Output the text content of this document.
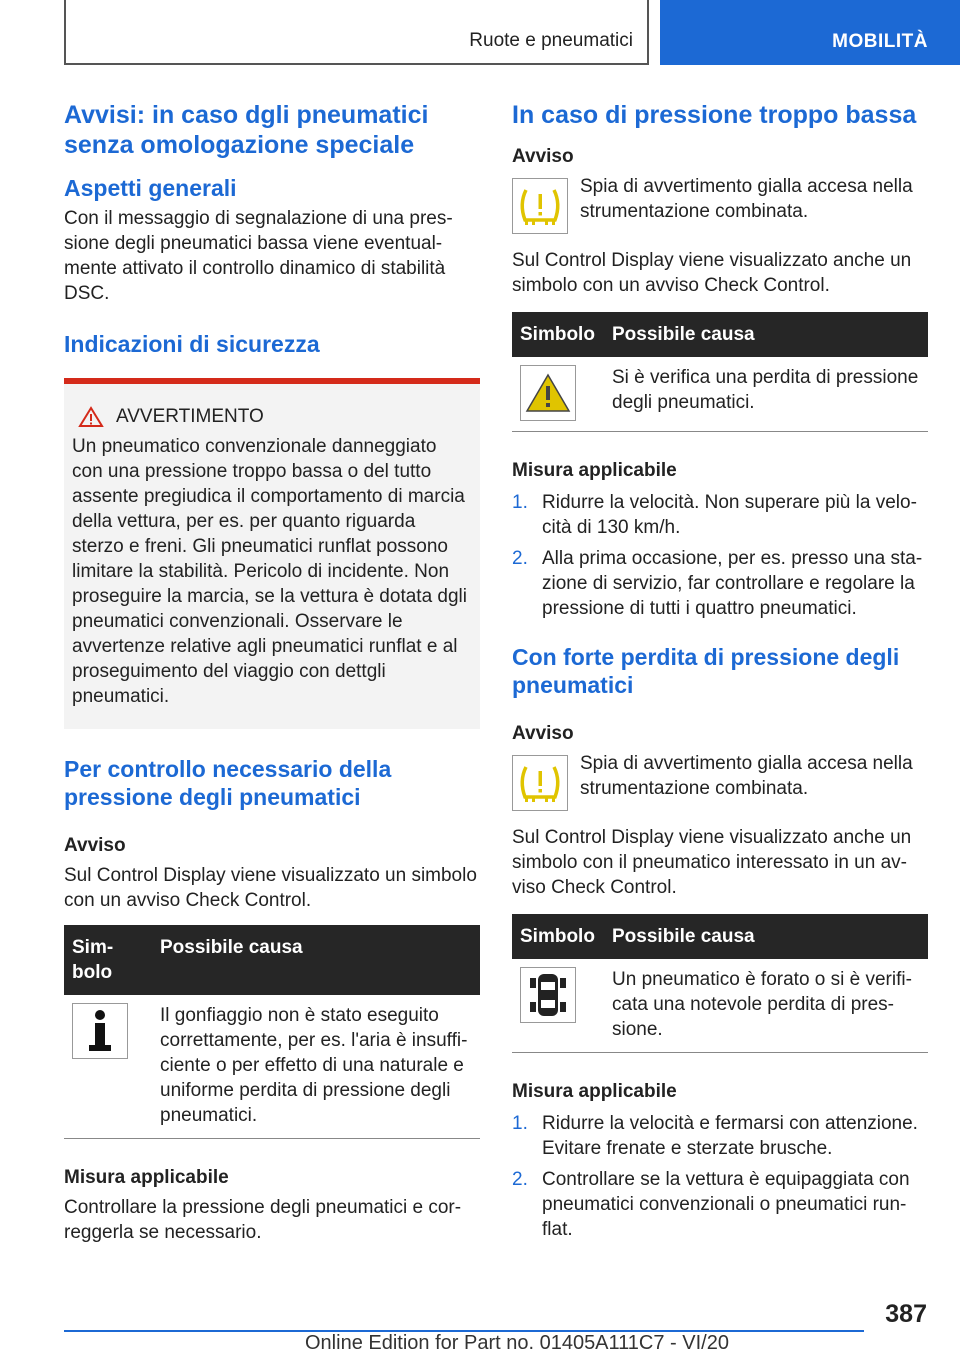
Ruote e pneumatici	MOBILITÀ
Avvisi: in caso dgli pneumatici senza omologazione speciale
Aspetti generali

Con il messaggio di segnalazione di una pres-sione degli pneumatici bassa viene eventual-mente attivato il controllo dinamico di stabilità DSC.

Indicazioni di sicurezza
AVVERTIMENTO

Un pneumatico convenzionale danneggiato con una pressione troppo bassa o del tutto assente pregiudica il comportamento di marcia della vettura, per es. per quanto riguarda sterzo e freni. Gli pneumatici runflat possono limitare la stabilità. Pericolo di incidente. Non proseguire la marcia, se la vettura è dotata dgli pneumatici convenzionali. Osservare le avvertenze relative agli pneumatici runflat e al proseguimento del viaggio con dettgli pneumatici.

Per controllo necessario della pressione degli pneumatici
Avviso

Sul Control Display viene visualizzato un simbolo con un avviso Check Control.

Sim-bolo	Possibile causa

	Il gonfiaggio non è stato eseguito correttamente, per es. l'aria è insuffi-ciente o per effetto di una naturale e uniforme perdita di pressione degli pneumatici.
Misura applicabile

Controllare la pressione degli pneumatici e cor-reggerla se necessario.

In caso di pressione troppo bassa
Avviso

Spia di avvertimento gialla accesa nella strumentazione combinata.

Sul Control Display viene visualizzato anche un simbolo con un avviso Check Control.

Simbolo	Possibile causa

	Si è verifica una perdita di pressione degli pneumatici.
Misura applicabile
1. Ridurre la velocità. Non superare più la velo-cità di 130 km/h.
2. Alla prima occasione, per es. presso una sta-zione di servizio, far controllare e regolare la pressione di tutti i quattro pneumatici.
Con forte perdita di pressione degli pneumatici
Avviso

Spia di avvertimento gialla accesa nella strumentazione combinata.

Sul Control Display viene visualizzato anche un simbolo con il pneumatico interessato in un av-viso Check Control.

Simbolo	Possibile causa

	Un pneumatico è forato o si è verifi-cata una notevole perdita di pres-sione.
Misura applicabile
1. Ridurre la velocità e fermarsi con attenzione. Evitare frenate e sterzate brusche.
2. Controllare se la vettura è equipaggiata con pneumatici convenzionali o pneumatici run-flat.
387
Online Edition for Part no. 01405A111C7 - VI/20
